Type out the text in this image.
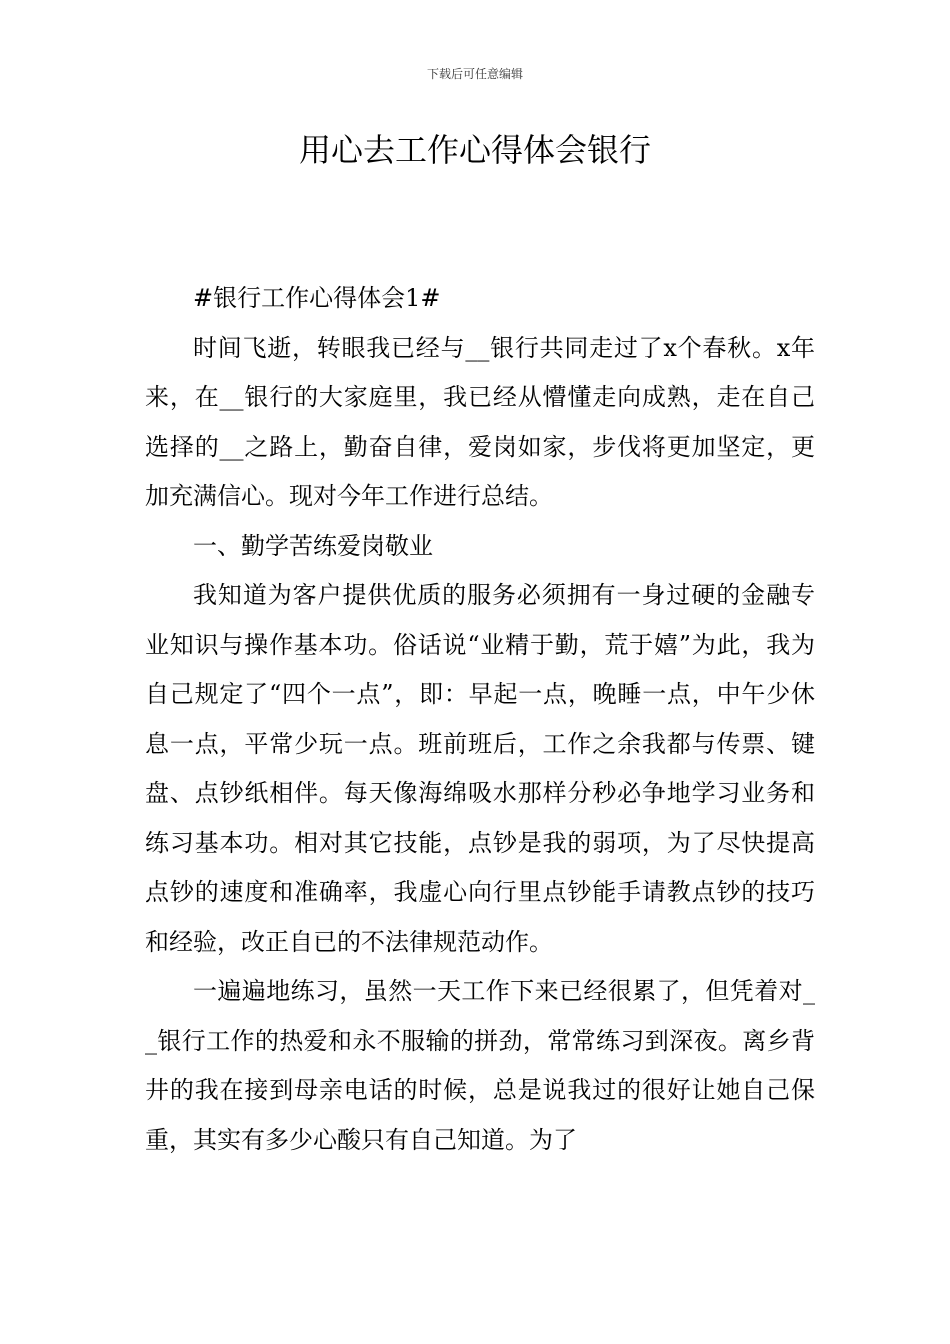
下载后可任意编辑
用心去工作心得体会银行

#银行工作心得体会1#

时间飞逝，转眼我已经与__银行共同走过了x个春秋。x年来，在__银行的大家庭里，我已经从懵懂走向成熟，走在自己选择的__之路上，勤奋自律，爱岗如家，步伐将更加坚定，更加充满信心。现对今年工作进行总结。

一、勤学苦练爱岗敬业

我知道为客户提供优质的服务必须拥有一身过硬的金融专业知识与操作基本功。俗话说“业精于勤，荒于嬉”为此，我为自己规定了“四个一点”，即：早起一点，晚睡一点，中午少休息一点，平常少玩一点。班前班后，工作之余我都与传票、键盘、点钞纸相伴。每天像海绵吸水那样分秒必争地学习业务和练习基本功。相对其它技能，点钞是我的弱项，为了尽快提高点钞的速度和准确率，我虚心向行里点钞能手请教点钞的技巧和经验，改正自已的不法律规范动作。

一遍遍地练习，虽然一天工作下来已经很累了，但凭着对__银行工作的热爱和永不服输的拼劲，常常练习到深夜。离乡背井的我在接到母亲电话的时候，总是说我过的很好让她自己保重，其实有多少心酸只有自己知道。为了
